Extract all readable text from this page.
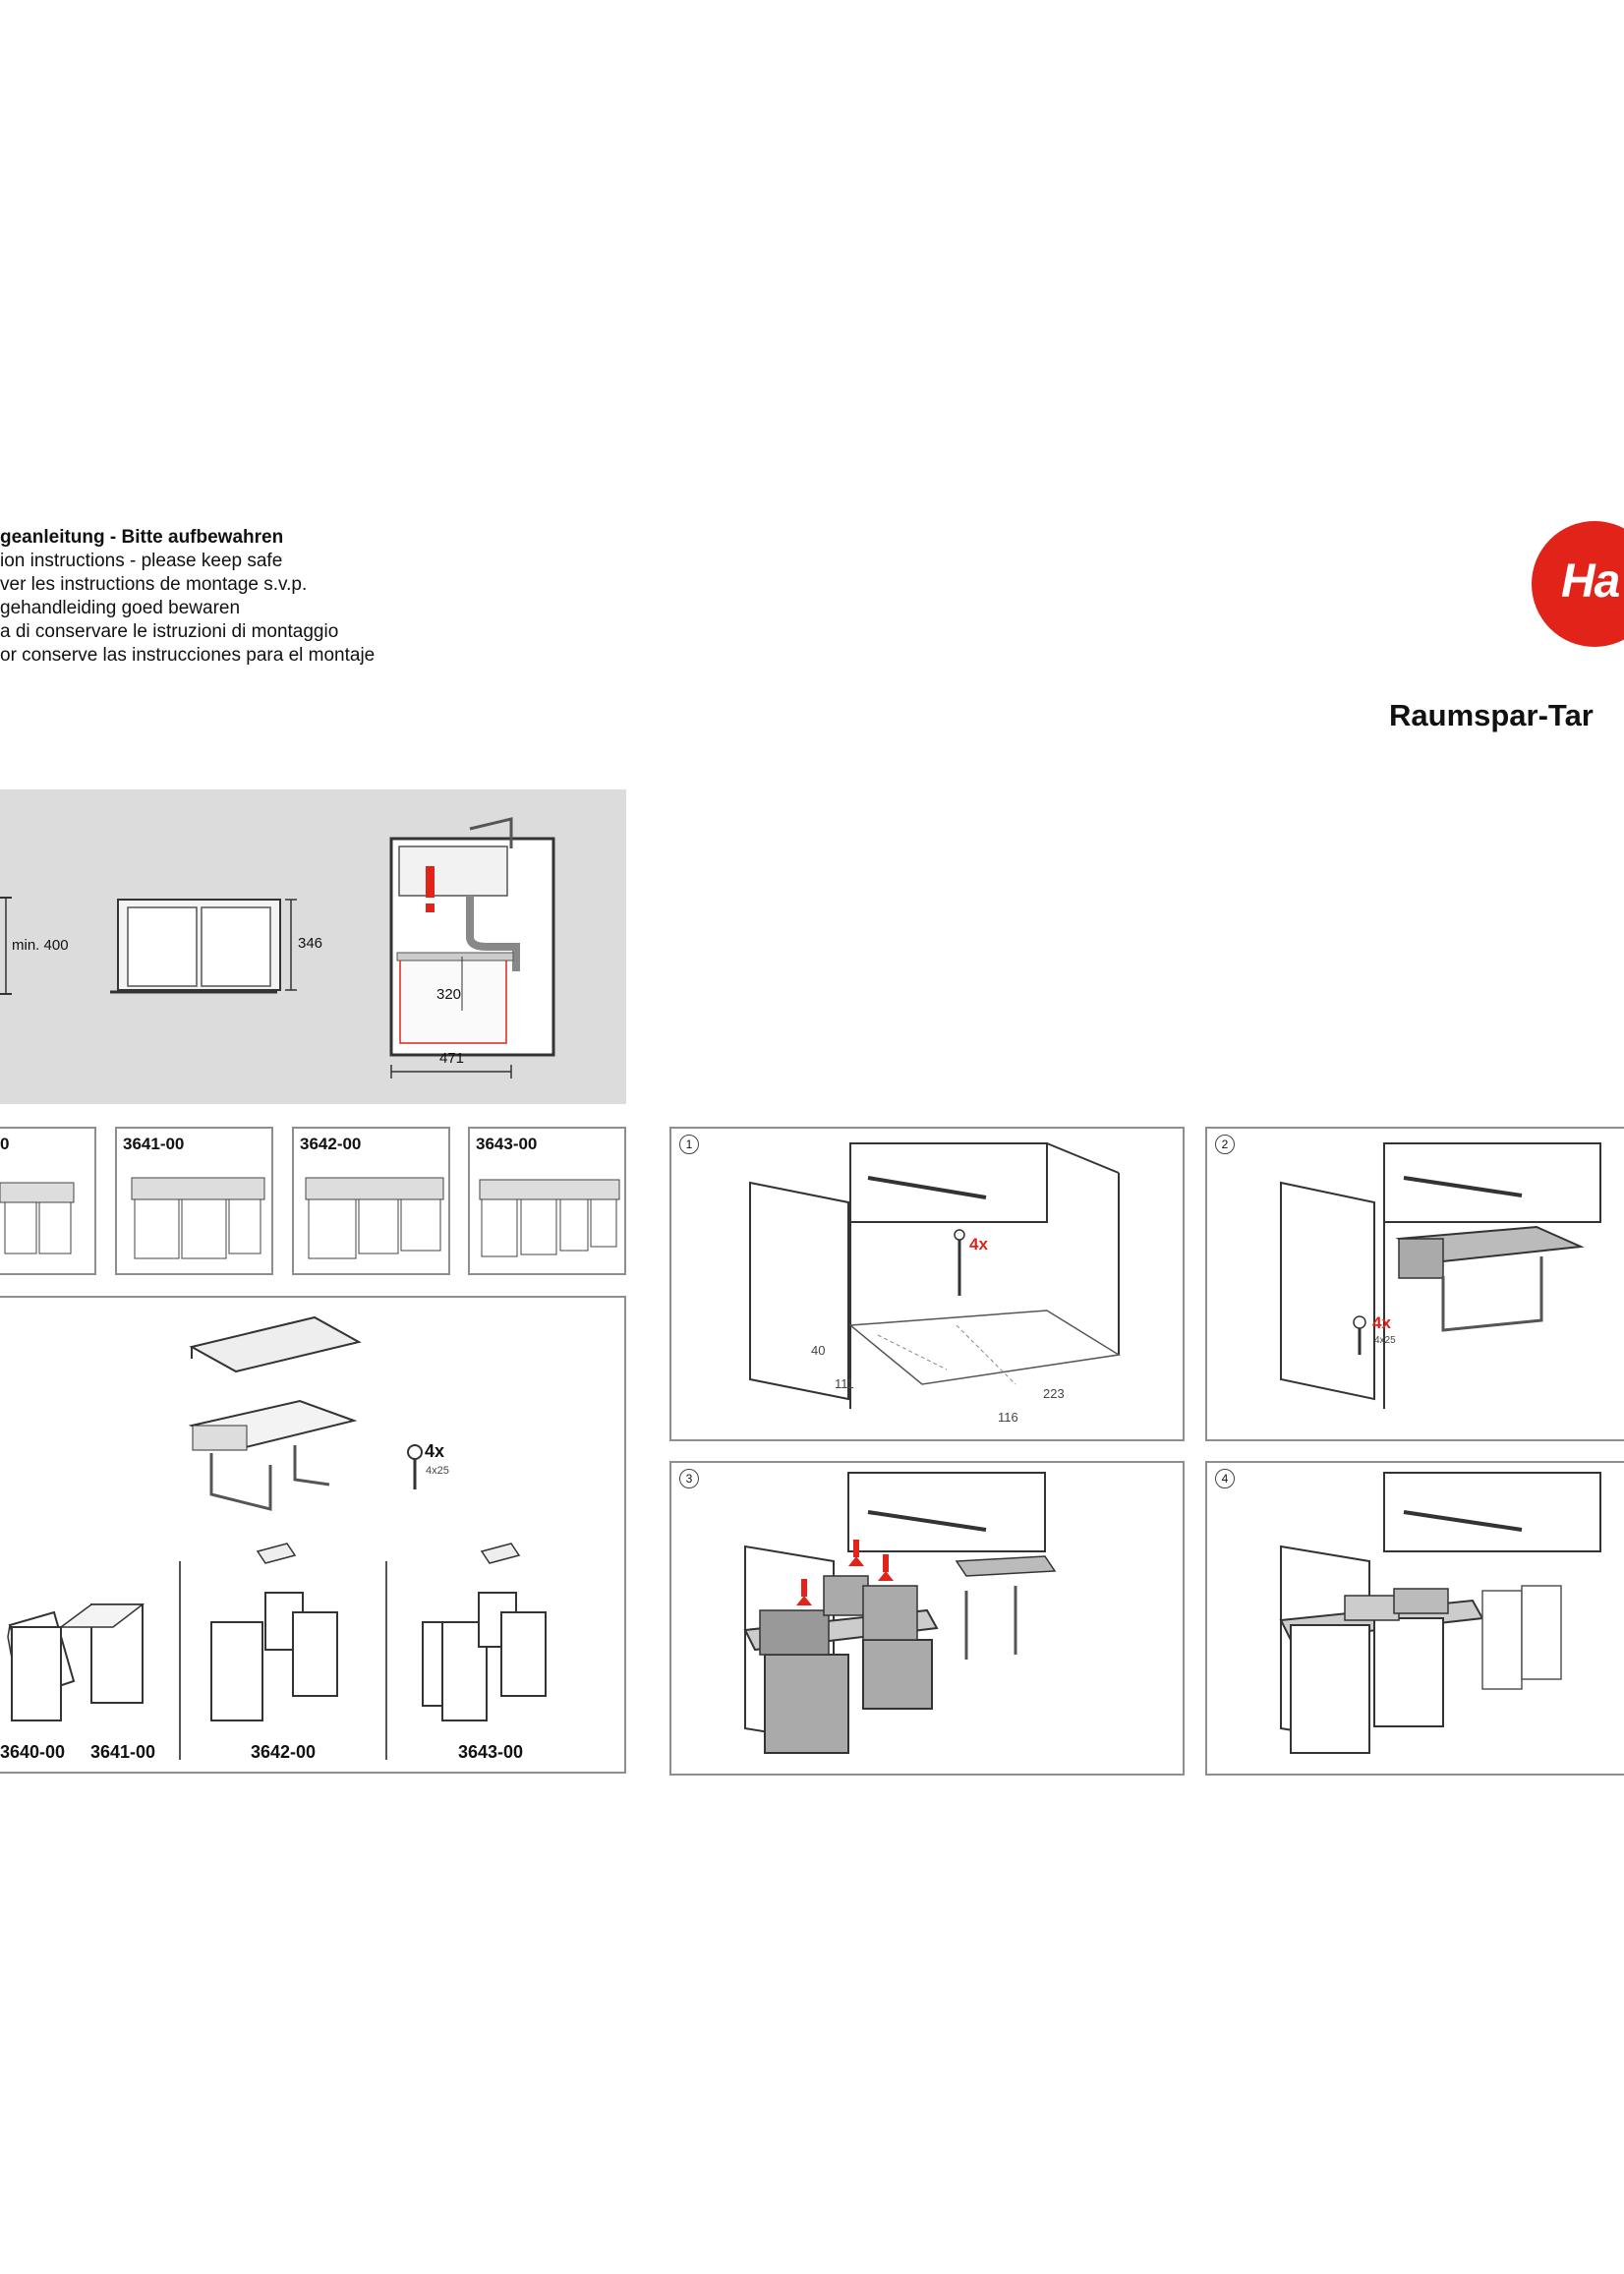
geanleitung - Bitte aufbewahren
ion instructions - please keep safe
ver les instructions de montage s.v.p.
gehandleiding goed bewaren
a di conservare le istruzioni di montaggio
or conserve las instrucciones para el montaje
Ha
Raumspar-Tar
min. 400	346
320
471
0	3641-00	3642-00	3643-00
4x
4x25
3640-00 3641-00	3642-00	3643-00
1
4x
40
111
116
223
2
4x
4x25
3	4
